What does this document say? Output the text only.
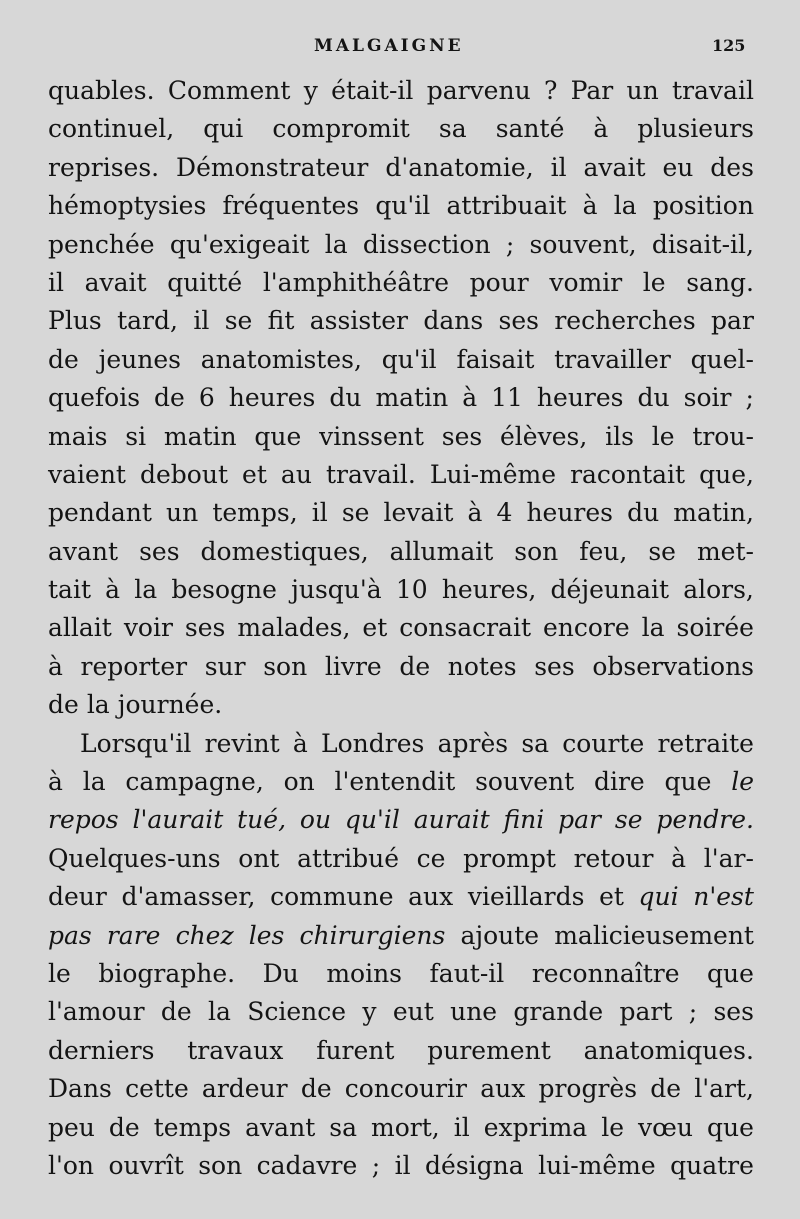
MALGAIGNE	125
quables. Comment y était-il parvenu ? Par un travail
continuel, qui compromit sa santé à plusieurs
reprises. Démonstrateur d'anatomie, il avait eu des
hémoptysies fréquentes qu'il attribuait à la position
penchée qu'exigeait la dissection ; souvent, disait-il,
il avait quitté l'amphithéâtre pour vomir le sang.
Plus tard, il se fit assister dans ses recherches par
de jeunes anatomistes, qu'il faisait travailler quel-
quefois de 6 heures du matin à 11 heures du soir ;
mais si matin que vinssent ses élèves, ils le trou-
vaient debout et au travail. Lui-même racontait que,
pendant un temps, il se levait à 4 heures du matin,
avant ses domestiques, allumait son feu, se met-
tait à la besogne jusqu'à 10 heures, déjeunait alors,
allait voir ses malades, et consacrait encore la soirée
à reporter sur son livre de notes ses observations
de la journée.
Lorsqu'il revint à Londres après sa courte retraite
à la campagne, on l'entendit souvent dire que le
repos l'aurait tué, ou qu'il aurait fini par se pendre.
Quelques-uns ont attribué ce prompt retour à l'ar-
deur d'amasser, commune aux vieillards et qui n'est
pas rare chez les chirurgiens ajoute malicieusement
le biographe. Du moins faut-il reconnaître que
l'amour de la Science y eut une grande part ; ses
derniers travaux furent purement anatomiques.
Dans cette ardeur de concourir aux progrès de l'art,
peu de temps avant sa mort, il exprima le vœu que
l'on ouvrît son cadavre ; il désigna lui-même quatre
